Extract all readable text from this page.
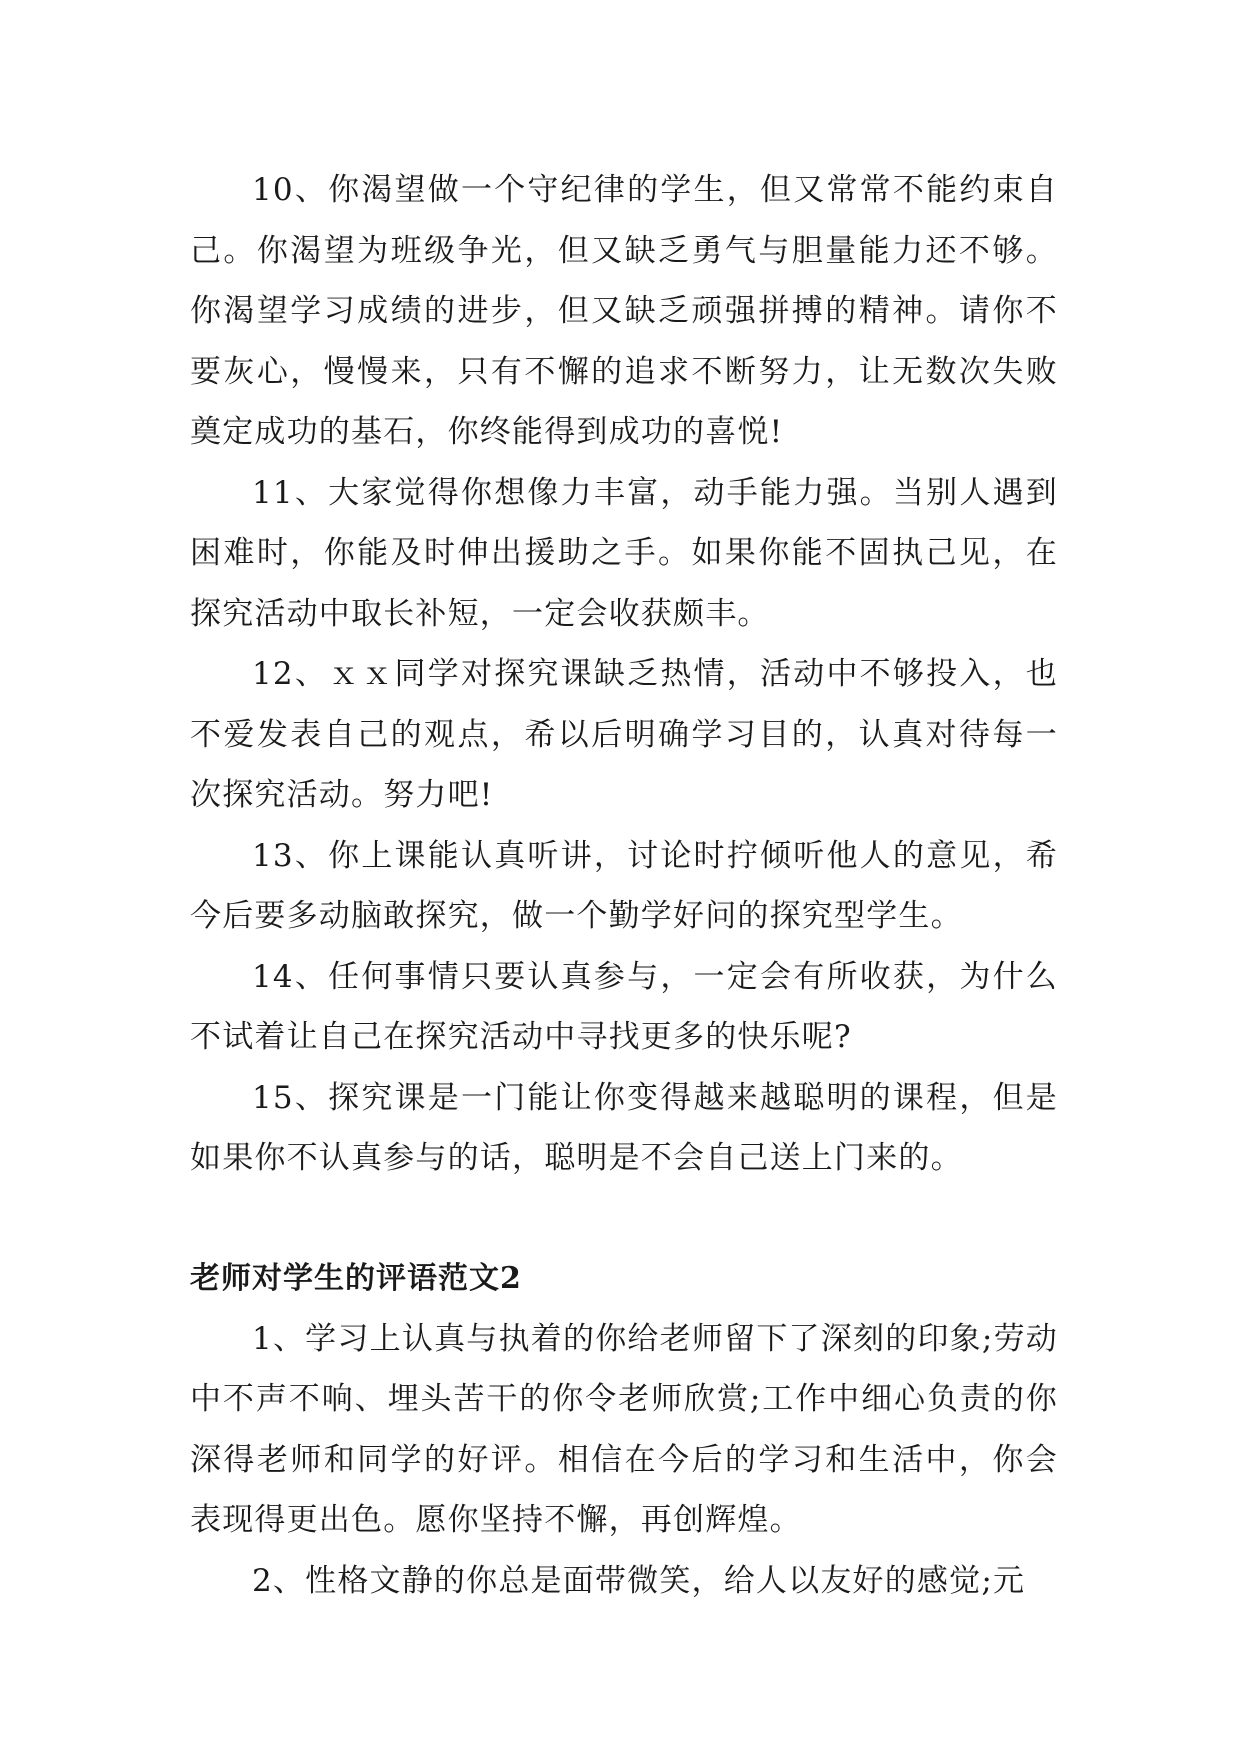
10、你渴望做一个守纪律的学生，但又常常不能约束自己。你渴望为班级争光，但又缺乏勇气与胆量能力还不够。你渴望学习成绩的进步，但又缺乏顽强拼搏的精神。请你不要灰心，慢慢来，只有不懈的追求不断努力，让无数次失败奠定成功的基石，你终能得到成功的喜悦!

11、大家觉得你想像力丰富，动手能力强。当别人遇到困难时，你能及时伸出援助之手。如果你能不固执己见，在探究活动中取长补短，一定会收获颇丰。

12、ｘｘ同学对探究课缺乏热情，活动中不够投入，也不爱发表自己的观点，希以后明确学习目的，认真对待每一次探究活动。努力吧!

13、你上课能认真听讲，讨论时拧倾听他人的意见，希今后要多动脑敢探究，做一个勤学好问的探究型学生。

14、任何事情只要认真参与，一定会有所收获，为什么不试着让自己在探究活动中寻找更多的快乐呢?

15、探究课是一门能让你变得越来越聪明的课程，但是如果你不认真参与的话，聪明是不会自己送上门来的。

老师对学生的评语范文2

1、学习上认真与执着的你给老师留下了深刻的印象;劳动中不声不响、埋头苦干的你令老师欣赏;工作中细心负责的你深得老师和同学的好评。相信在今后的学习和生活中，你会表现得更出色。愿你坚持不懈，再创辉煌。

2、性格文静的你总是面带微笑，给人以友好的感觉;元
